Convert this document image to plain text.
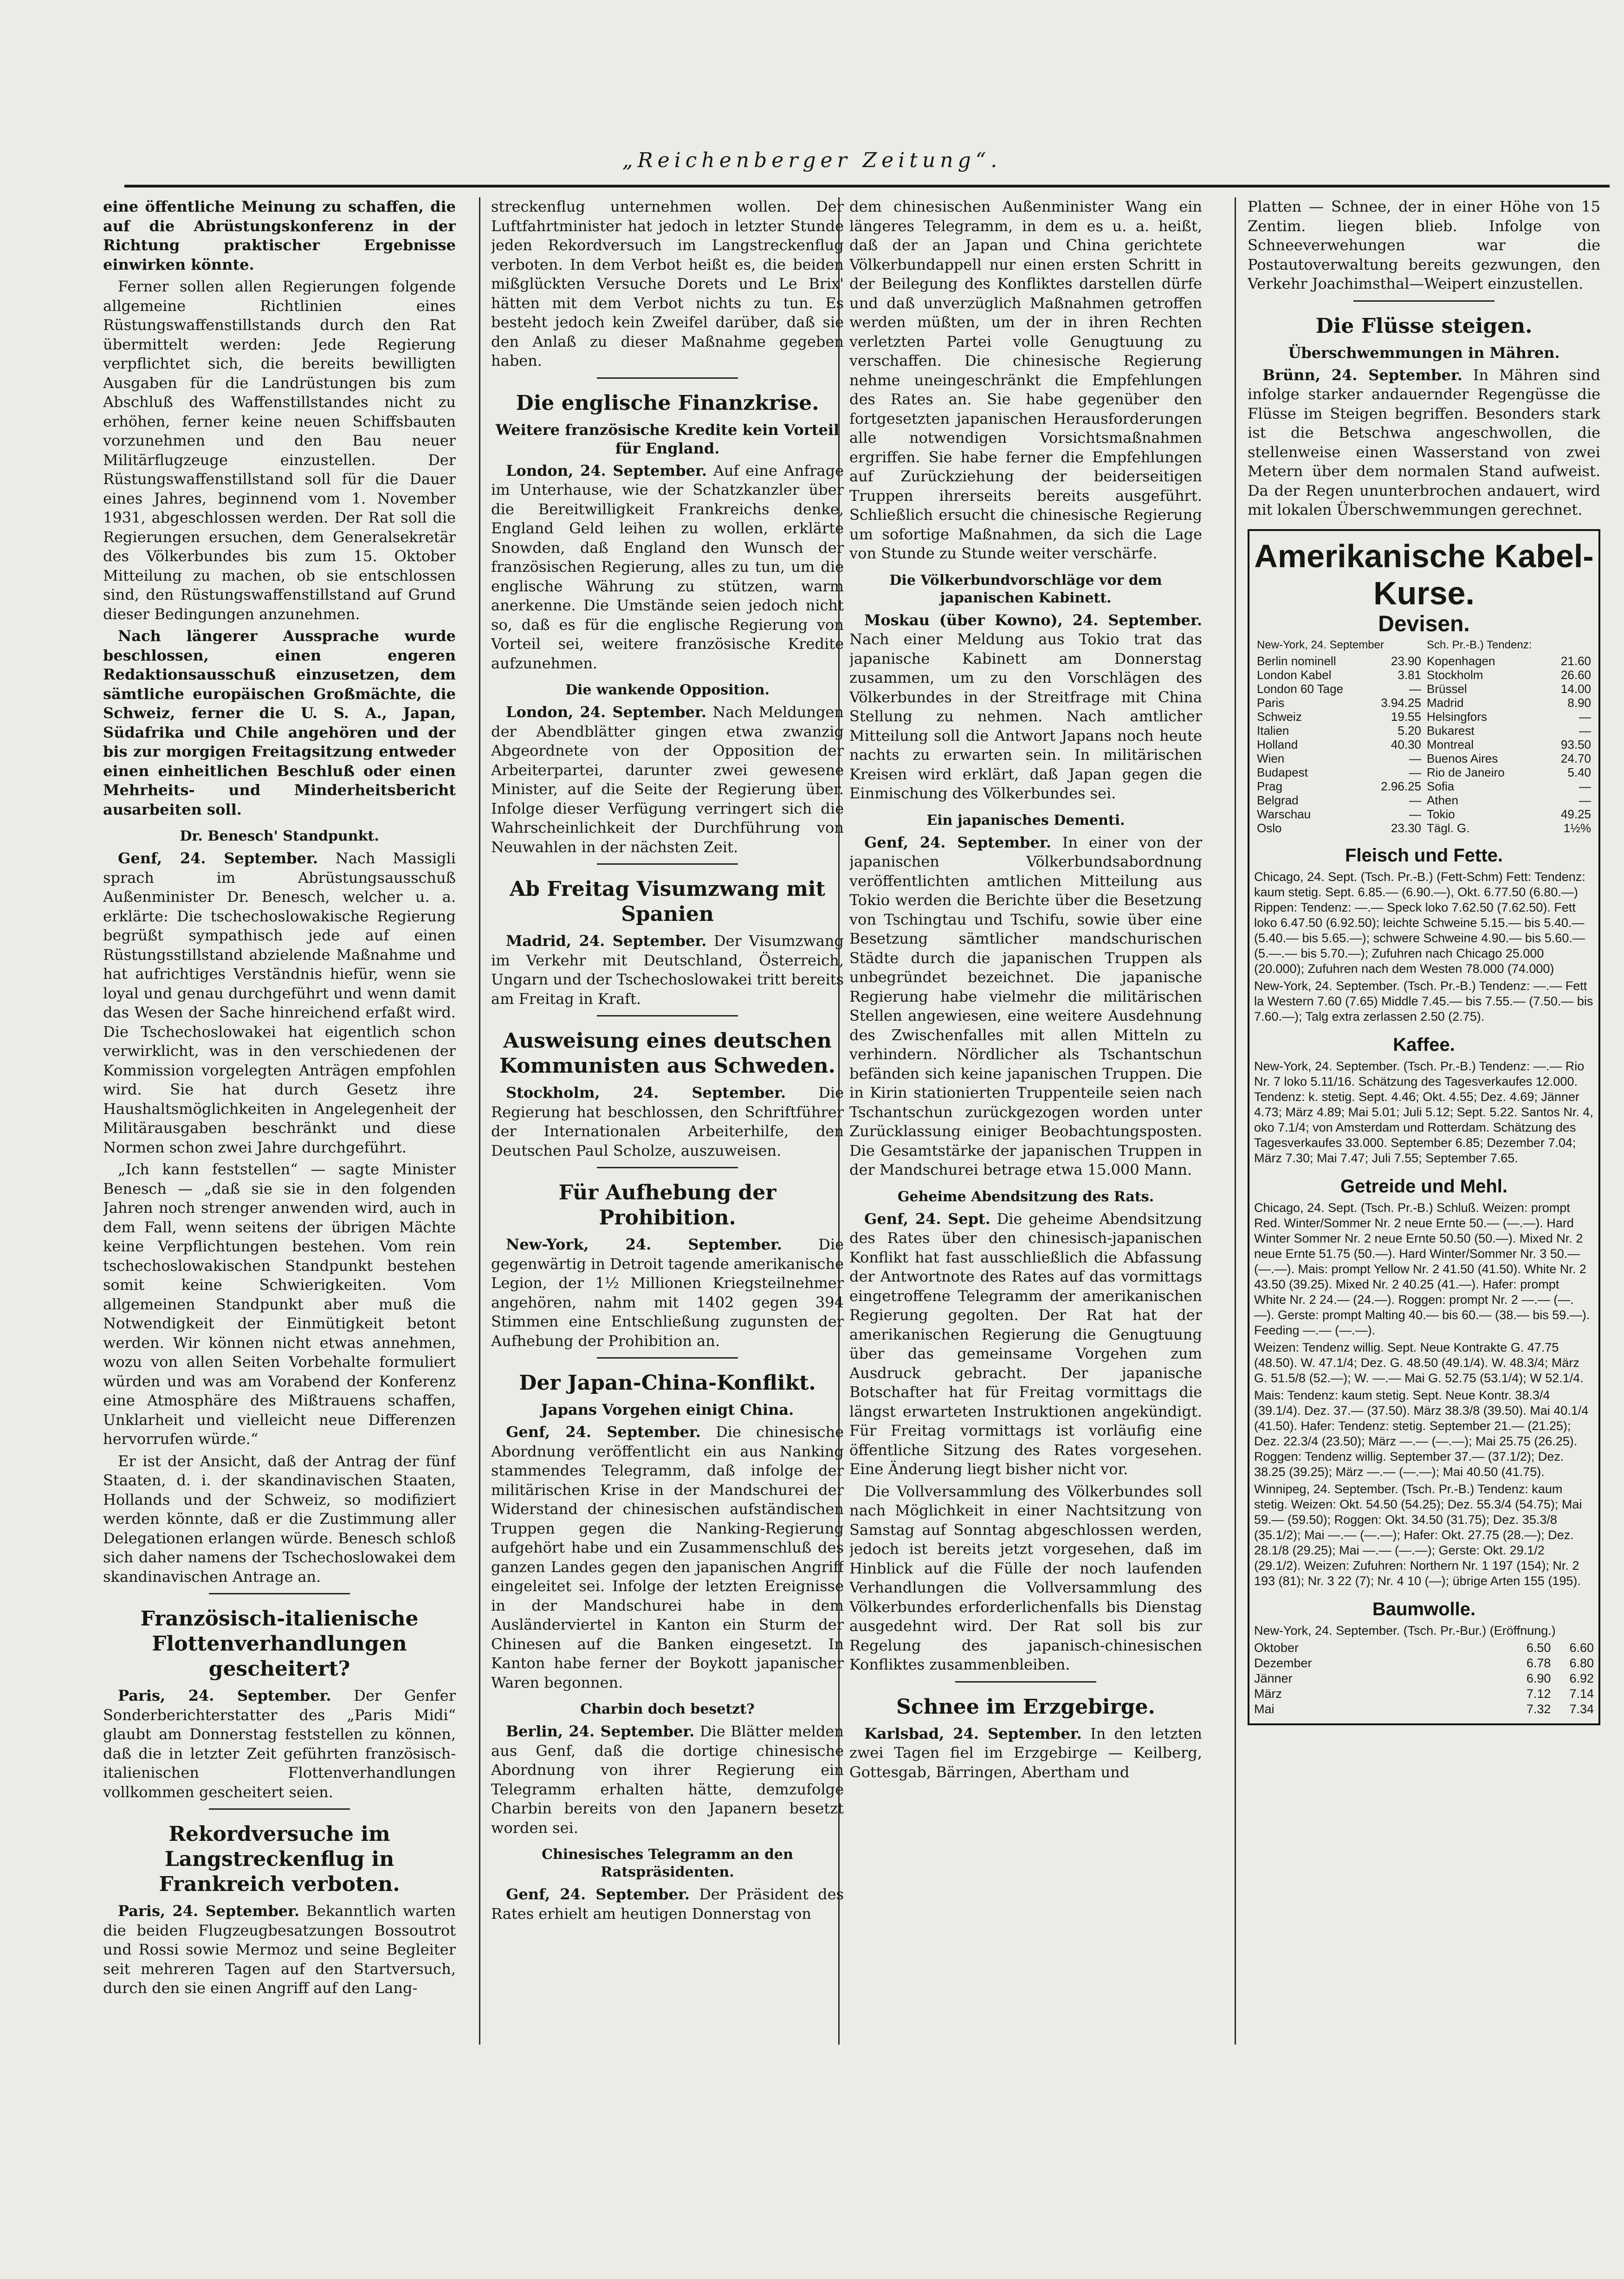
„Reichenberger Zeitung“.

eine öffentliche Meinung zu schaffen, die auf die Abrüstungskonferenz in der Richtung praktischer Ergebnisse einwirken könnte.

Ferner sollen allen Regierungen folgende allgemeine Richtlinien eines Rüstungswaffenstillstands durch den Rat übermittelt werden: Jede Regierung verpflichtet sich, die bereits bewilligten Ausgaben für die Landrüstungen bis zum Abschluß des Waffenstillstandes nicht zu erhöhen, ferner keine neuen Schiffsbauten vorzunehmen und den Bau neuer Militärflugzeuge einzustellen. Der Rüstungswaffenstillstand soll für die Dauer eines Jahres, beginnend vom 1. November 1931, abgeschlossen werden. Der Rat soll die Regierungen ersuchen, dem Generalsekretär des Völkerbundes bis zum 15. Oktober Mitteilung zu machen, ob sie entschlossen sind, den Rüstungswaffenstillstand auf Grund dieser Bedingungen anzunehmen.

Nach längerer Aussprache wurde beschlossen, einen engeren Redaktionsausschuß einzusetzen, dem sämtliche europäischen Großmächte, die Schweiz, ferner die U. S. A., Japan, Südafrika und Chile angehören und der bis zur morgigen Freitagsitzung entweder einen einheitlichen Beschluß oder einen Mehrheits- und Minderheitsbericht ausarbeiten soll.

Dr. Benesch' Standpunkt.

Genf, 24. September. Nach Massigli sprach im Abrüstungsausschuß Außenminister Dr. Benesch, welcher u. a. erklärte: Die tschechoslowakische Regierung begrüßt sympathisch jede auf einen Rüstungsstillstand abzielende Maßnahme und hat aufrichtiges Verständnis hiefür, wenn sie loyal und genau durchgeführt und wenn damit das Wesen der Sache hinreichend erfaßt wird. Die Tschechoslowakei hat eigentlich schon verwirklicht, was in den verschiedenen der Kommission vorgelegten Anträgen empfohlen wird. Sie hat durch Gesetz ihre Haushaltsmöglichkeiten in Angelegenheit der Militärausgaben beschränkt und diese Normen schon zwei Jahre durchgeführt.

„Ich kann feststellen“ — sagte Minister Benesch — „daß sie sie in den folgenden Jahren noch strenger anwenden wird, auch in dem Fall, wenn seitens der übrigen Mächte keine Verpflichtungen bestehen. Vom rein tschechoslowakischen Standpunkt bestehen somit keine Schwierigkeiten. Vom allgemeinen Standpunkt aber muß die Notwendigkeit der Einmütigkeit betont werden. Wir können nicht etwas annehmen, wozu von allen Seiten Vorbehalte formuliert würden und was am Vorabend der Konferenz eine Atmosphäre des Mißtrauens schaffen, Unklarheit und vielleicht neue Differenzen hervorrufen würde.“

Er ist der Ansicht, daß der Antrag der fünf Staaten, d. i. der skandinavischen Staaten, Hollands und der Schweiz, so modifiziert werden könnte, daß er die Zustimmung aller Delegationen erlangen würde. Benesch schloß sich daher namens der Tschechoslowakei dem skandinavischen Antrage an.

Französisch-italienische Flottenverhandlungen gescheitert?

Paris, 24. September. Der Genfer Sonderberichterstatter des „Paris Midi“ glaubt am Donnerstag feststellen zu können, daß die in letzter Zeit geführten französisch-italienischen Flottenverhandlungen vollkommen gescheitert seien.

Rekordversuche im Langstreckenflug in Frankreich verboten.

Paris, 24. September. Bekanntlich warten die beiden Flugzeugbesatzungen Bossoutrot und Rossi sowie Mermoz und seine Begleiter seit mehreren Tagen auf den Startversuch, durch den sie einen Angriff auf den Lang-

streckenflug unternehmen wollen. Der Luftfahrtminister hat jedoch in letzter Stunde jeden Rekordversuch im Langstreckenflug verboten. In dem Verbot heißt es, die beiden mißglückten Versuche Dorets und Le Brix' hätten mit dem Verbot nichts zu tun. Es besteht jedoch kein Zweifel darüber, daß sie den Anlaß zu dieser Maßnahme gegeben haben.

Die englische Finanzkrise.
Weitere französische Kredite kein Vorteil für England.

London, 24. September. Auf eine Anfrage im Unterhause, wie der Schatzkanzler über die Bereitwilligkeit Frankreichs denke, England Geld leihen zu wollen, erklärte Snowden, daß England den Wunsch der französischen Regierung, alles zu tun, um die englische Währung zu stützen, warm anerkenne. Die Umstände seien jedoch nicht so, daß es für die englische Regierung von Vorteil sei, weitere französische Kredite aufzunehmen.

Die wankende Opposition.

London, 24. September. Nach Meldungen der Abendblätter gingen etwa zwanzig Abgeordnete von der Opposition der Arbeiterpartei, darunter zwei gewesene Minister, auf die Seite der Regierung über. Infolge dieser Verfügung verringert sich die Wahrscheinlichkeit der Durchführung von Neuwahlen in der nächsten Zeit.

Ab Freitag Visumzwang mit Spanien

Madrid, 24. September. Der Visumzwang im Verkehr mit Deutschland, Österreich, Ungarn und der Tschechoslowakei tritt bereits am Freitag in Kraft.

Ausweisung eines deutschen Kommunisten aus Schweden.

Stockholm, 24. September. Die Regierung hat beschlossen, den Schriftführer der Internationalen Arbeiterhilfe, den Deutschen Paul Scholze, auszuweisen.

Für Aufhebung der Prohibition.

New-York, 24. September. Die gegenwärtig in Detroit tagende amerikanische Legion, der 1½ Millionen Kriegsteilnehmer angehören, nahm mit 1402 gegen 394 Stimmen eine Entschließung zugunsten der Aufhebung der Prohibition an.

Der Japan-China-Konflikt.
Japans Vorgehen einigt China.

Genf, 24. September. Die chinesische Abordnung veröffentlicht ein aus Nanking stammendes Telegramm, daß infolge der militärischen Krise in der Mandschurei der Widerstand der chinesischen aufständischen Truppen gegen die Nanking-Regierung aufgehört habe und ein Zusammenschluß des ganzen Landes gegen den japanischen Angriff eingeleitet sei. Infolge der letzten Ereignisse in der Mandschurei habe in dem Ausländerviertel in Kanton ein Sturm der Chinesen auf die Banken eingesetzt. In Kanton habe ferner der Boykott japanischer Waren begonnen.

Charbin doch besetzt?

Berlin, 24. September. Die Blätter melden aus Genf, daß die dortige chinesische Abordnung von ihrer Regierung ein Telegramm erhalten hätte, demzufolge Charbin bereits von den Japanern besetzt worden sei.

Chinesisches Telegramm an den Ratspräsidenten.

Genf, 24. September. Der Präsident des Rates erhielt am heutigen Donnerstag von

dem chinesischen Außenminister Wang ein längeres Telegramm, in dem es u. a. heißt, daß der an Japan und China gerichtete Völkerbundappell nur einen ersten Schritt in der Beilegung des Konfliktes darstellen dürfe und daß unverzüglich Maßnahmen getroffen werden müßten, um der in ihren Rechten verletzten Partei volle Genugtuung zu verschaffen. Die chinesische Regierung nehme uneingeschränkt die Empfehlungen des Rates an. Sie habe gegenüber den fortgesetzten japanischen Herausforderungen alle notwendigen Vorsichtsmaßnahmen ergriffen. Sie habe ferner die Empfehlungen auf Zurückziehung der beiderseitigen Truppen ihrerseits bereits ausgeführt. Schließlich ersucht die chinesische Regierung um sofortige Maßnahmen, da sich die Lage von Stunde zu Stunde weiter verschärfe.

Die Völkerbundvorschläge vor dem japanischen Kabinett.

Moskau (über Kowno), 24. September. Nach einer Meldung aus Tokio trat das japanische Kabinett am Donnerstag zusammen, um zu den Vorschlägen des Völkerbundes in der Streitfrage mit China Stellung zu nehmen. Nach amtlicher Mitteilung soll die Antwort Japans noch heute nachts zu erwarten sein. In militärischen Kreisen wird erklärt, daß Japan gegen die Einmischung des Völkerbundes sei.

Ein japanisches Dementi.

Genf, 24. September. In einer von der japanischen Völkerbundsabordnung veröffentlichten amtlichen Mitteilung aus Tokio werden die Berichte über die Besetzung von Tschingtau und Tschifu, sowie über eine Besetzung sämtlicher mandschurischen Städte durch die japanischen Truppen als unbegründet bezeichnet. Die japanische Regierung habe vielmehr die militärischen Stellen angewiesen, eine weitere Ausdehnung des Zwischenfalles mit allen Mitteln zu verhindern. Nördlicher als Tschantschun befänden sich keine japanischen Truppen. Die in Kirin stationierten Truppenteile seien nach Tschantschun zurückgezogen worden unter Zurücklassung einiger Beobachtungsposten. Die Gesamtstärke der japanischen Truppen in der Mandschurei betrage etwa 15.000 Mann.

Geheime Abendsitzung des Rats.

Genf, 24. Sept. Die geheime Abendsitzung des Rates über den chinesisch-japanischen Konflikt hat fast ausschließlich die Abfassung der Antwortnote des Rates auf das vormittags eingetroffene Telegramm der amerikanischen Regierung gegolten. Der Rat hat der amerikanischen Regierung die Genugtuung über das gemeinsame Vorgehen zum Ausdruck gebracht. Der japanische Botschafter hat für Freitag vormittags die längst erwarteten Instruktionen angekündigt. Für Freitag vormittags ist vorläufig eine öffentliche Sitzung des Rates vorgesehen. Eine Änderung liegt bisher nicht vor.

Die Vollversammlung des Völkerbundes soll nach Möglichkeit in einer Nachtsitzung von Samstag auf Sonntag abgeschlossen werden, jedoch ist bereits jetzt vorgesehen, daß im Hinblick auf die Fülle der noch laufenden Verhandlungen die Vollversammlung des Völkerbundes erforderlichenfalls bis Dienstag ausgedehnt wird. Der Rat soll bis zur Regelung des japanisch-chinesischen Konfliktes zusammenbleiben.

Schnee im Erzgebirge.

Karlsbad, 24. September. In den letzten zwei Tagen fiel im Erzgebirge — Keilberg, Gottesgab, Bärringen, Abertham und

Platten — Schnee, der in einer Höhe von 15 Zentim. liegen blieb. Infolge von Schneeverwehungen war die Postautoverwaltung bereits gezwungen, den Verkehr Joachimsthal—Weipert einzustellen.

Die Flüsse steigen.
Überschwemmungen in Mähren.

Brünn, 24. September. In Mähren sind infolge starker andauernder Regengüsse die Flüsse im Steigen begriffen. Besonders stark ist die Betschwa angeschwollen, die stellenweise einen Wasserstand von zwei Metern über dem normalen Stand aufweist. Da der Regen ununterbrochen andauert, wird mit lokalen Überschwemmungen gerechnet.

Amerikanische Kabel-Kurse.
Devisen.
New-York, 24. September
Berlin nominell	23.90
London Kabel	3.81
London 60 Tage	—
Paris	3.94.25
Schweiz	19.55
Italien	5.20
Holland	40.30
Wien	—
Budapest	—
Prag	2.96.25
Belgrad	—
Warschau	—
Oslo	23.30
Sch. Pr.-B.) Tendenz:
Kopenhagen	21.60
Stockholm	26.60
Brüssel	14.00
Madrid	8.90
Helsingfors	—
Bukarest	—
Montreal	93.50
Buenos Aires	24.70
Rio de Janeiro	5.40
Sofia	—
Athen	—
Tokio	49.25
Tägl. G.	1½%
Fleisch und Fette.

Chicago, 24. Sept. (Tsch. Pr.-B.) (Fett-Schm) Fett: Tendenz: kaum stetig. Sept. 6.85.— (6.90.—), Okt. 6.77.50 (6.80.—) Rippen: Tendenz: —.— Speck loko 7.62.50 (7.62.50). Fett loko 6.47.50 (6.92.50); leichte Schweine 5.15.— bis 5.40.— (5.40.— bis 5.65.—); schwere Schweine 4.90.— bis 5.60.— (5.—.— bis 5.70.—); Zufuhren nach Chicago 25.000 (20.000); Zufuhren nach dem Westen 78.000 (74.000)

New-York, 24. September. (Tsch. Pr.-B.) Tendenz: —.— Fett la Western 7.60 (7.65) Middle 7.45.— bis 7.55.— (7.50.— bis 7.60.—); Talg extra zerlassen 2.50 (2.75).

Kaffee.

New-York, 24. September. (Tsch. Pr.-B.) Tendenz: —.— Rio Nr. 7 loko 5.11/16. Schätzung des Tagesverkaufes 12.000. Tendenz: k. stetig. Sept. 4.46; Okt. 4.55; Dez. 4.69; Jänner 4.73; März 4.89; Mai 5.01; Juli 5.12; Sept. 5.22. Santos Nr. 4, oko 7.1/4; von Amsterdam und Rotterdam. Schätzung des Tagesverkaufes 33.000. September 6.85; Dezember 7.04; März 7.30; Mai 7.47; Juli 7.55; September 7.65.

Getreide und Mehl.

Chicago, 24. Sept. (Tsch. Pr.-B.) Schluß. Weizen: prompt Red. Winter/Sommer Nr. 2 neue Ernte 50.— (—.—). Hard Winter Sommer Nr. 2 neue Ernte 50.50 (50.—). Mixed Nr. 2 neue Ernte 51.75 (50.—). Hard Winter/Sommer Nr. 3 50.— (—.—). Mais: prompt Yellow Nr. 2 41.50 (41.50). White Nr. 2 43.50 (39.25). Mixed Nr. 2 40.25 (41.—). Hafer: prompt White Nr. 2 24.— (24.—). Roggen: prompt Nr. 2 —.— (—.—). Gerste: prompt Malting 40.— bis 60.— (38.— bis 59.—). Feeding —.— (—.—).

Weizen: Tendenz willig. Sept. Neue Kontrakte G. 47.75 (48.50). W. 47.1/4; Dez. G. 48.50 (49.1/4). W. 48.3/4; März G. 51.5/8 (52.—); W. —.— Mai G. 52.75 (53.1/4); W 52.1/4.

Mais: Tendenz: kaum stetig. Sept. Neue Kontr. 38.3/4 (39.1/4). Dez. 37.— (37.50). März 38.3/8 (39.50). Mai 40.1/4 (41.50). Hafer: Tendenz: stetig. September 21.— (21.25); Dez. 22.3/4 (23.50); März —.— (—.—); Mai 25.75 (26.25). Roggen: Tendenz willig. September 37.— (37.1/2); Dez. 38.25 (39.25); März —.— (—.—); Mai 40.50 (41.75).

Winnipeg, 24. September. (Tsch. Pr.-B.) Tendenz: kaum stetig. Weizen: Okt. 54.50 (54.25); Dez. 55.3/4 (54.75); Mai 59.— (59.50); Roggen: Okt. 34.50 (31.75); Dez. 35.3/8 (35.1/2); Mai —.— (—.—); Hafer: Okt. 27.75 (28.—); Dez. 28.1/8 (29.25); Mai —.— (—.—); Gerste: Okt. 29.1/2 (29.1/2). Weizen: Zufuhren: Northern Nr. 1 197 (154); Nr. 2 193 (81); Nr. 3 22 (7); Nr. 4 10 (—); übrige Arten 155 (195).

Baumwolle.

New-York, 24. September. (Tsch. Pr.-Bur.) (Eröffnung.)

Oktober	6.50 6.60
Dezember	6.78 6.80
Jänner	6.90 6.92
März	7.12 7.14
Mai	7.32 7.34
